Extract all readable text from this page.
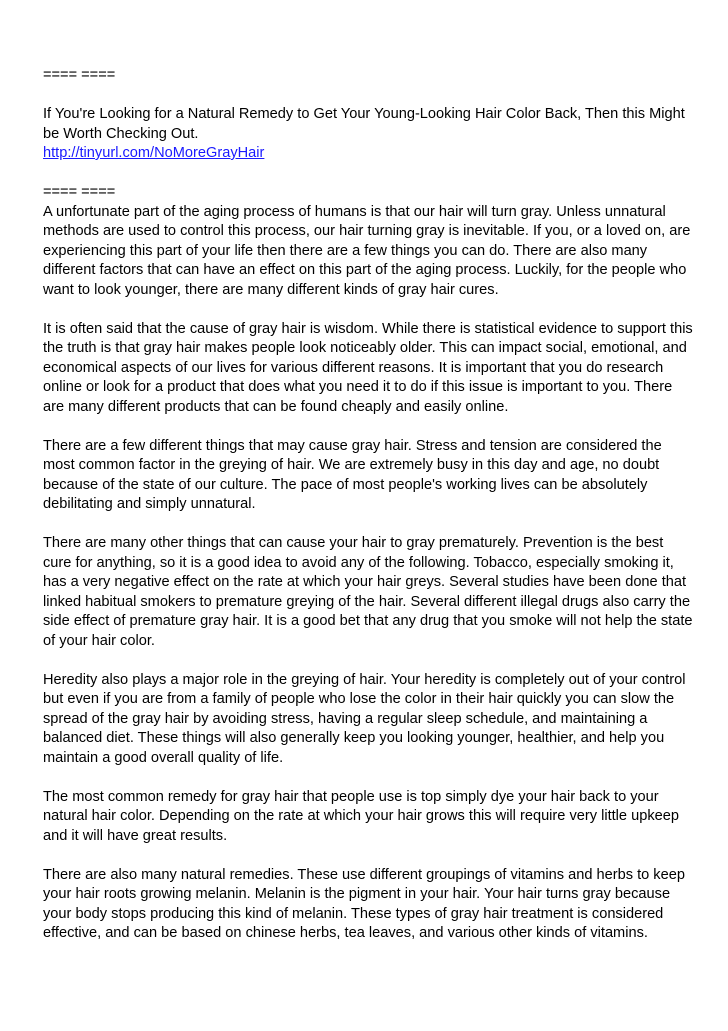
==== ====

If You're Looking for a Natural Remedy to Get Your Young-Looking Hair Color Back, Then this Might be Worth Checking Out.

http://tinyurl.com/NoMoreGrayHair

==== ====

A unfortunate part of the aging process of humans is that our hair will turn gray. Unless unnatural methods are used to control this process, our hair turning gray is inevitable. If you, or a loved on, are experiencing this part of your life then there are a few things you can do. There are also many different factors that can have an effect on this part of the aging process. Luckily, for the people who want to look younger, there are many different kinds of gray hair cures.

It is often said that the cause of gray hair is wisdom. While there is statistical evidence to support this the truth is that gray hair makes people look noticeably older. This can impact social, emotional, and economical aspects of our lives for various different reasons. It is important that you do research online or look for a product that does what you need it to do if this issue is important to you. There are many different products that can be found cheaply and easily online.

There are a few different things that may cause gray hair. Stress and tension are considered the most common factor in the greying of hair. We are extremely busy in this day and age, no doubt because of the state of our culture. The pace of most people's working lives can be absolutely debilitating and simply unnatural.

There are many other things that can cause your hair to gray prematurely. Prevention is the best cure for anything, so it is a good idea to avoid any of the following. Tobacco, especially smoking it, has a very negative effect on the rate at which your hair greys. Several studies have been done that linked habitual smokers to premature greying of the hair. Several different illegal drugs also carry the side effect of premature gray hair. It is a good bet that any drug that you smoke will not help the state of your hair color.

Heredity also plays a major role in the greying of hair. Your heredity is completely out of your control but even if you are from a family of people who lose the color in their hair quickly you can slow the spread of the gray hair by avoiding stress, having a regular sleep schedule, and maintaining a balanced diet. These things will also generally keep you looking younger, healthier, and help you maintain a good overall quality of life.

The most common remedy for gray hair that people use is top simply dye your hair back to your natural hair color. Depending on the rate at which your hair grows this will require very little upkeep and it will have great results.

There are also many natural remedies. These use different groupings of vitamins and herbs to keep your hair roots growing melanin. Melanin is the pigment in your hair. Your hair turns gray because your body stops producing this kind of melanin. These types of gray hair treatment is considered effective, and can be based on chinese herbs, tea leaves, and various other kinds of vitamins.
